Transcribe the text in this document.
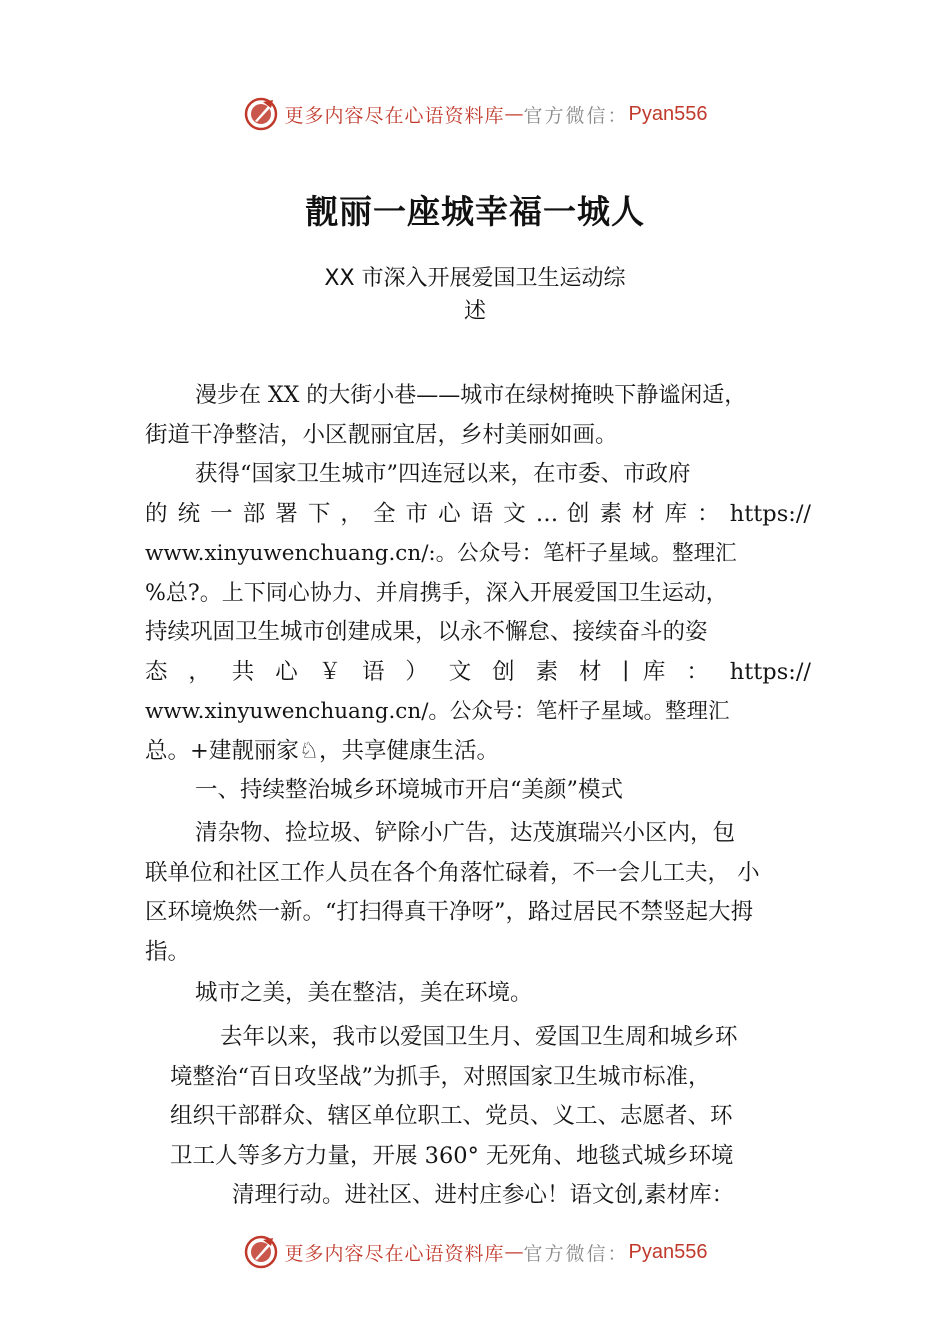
更多内容尽在心语资料库 — 官方微信： Pyan556
靓丽一座城幸福一城人
XX 市深入开展爱国卫生运动综
述
漫步在 XX 的大街小巷——城市在绿树掩映下静谧闲适，
街道干净整洁，小区靓丽宜居，乡村美丽如画。
获得“国家卫生城市”四连冠以来，在市委、市政府
的 统 一 部 署 下 ， 全 市 心 语 文 … 创 素 材 库 ： https://
www.xinyuwenchuang.cn/:。公众号：笔杆子星域。整理汇
%总?。上下同心协力、并肩携手，深入开展爱国卫生运动，
持续巩固卫生城市创建成果，以永不懈怠、接续奋斗的姿
态 ， 共 心 ￥ 语 ） 文 创 素 材 ∣ 库 ： https://
www.xinyuwenchuang.cn/。公众号：笔杆子星域。整理汇
总。+建靓丽家♘，共享健康生活。
一、持续整治城乡环境城市开启“美颜”模式
清杂物、捡垃圾、铲除小广告，达茂旗瑞兴小区内，包
联单位和社区工作人员在各个角落忙碌着，不一会儿工夫， 小
区环境焕然一新。“打扫得真干净呀”，路过居民不禁竖起大拇
指。
城市之美，美在整洁，美在环境。
去年以来，我市以爱国卫生月、爱国卫生周和城乡环
境整治“百日攻坚战”为抓手，对照国家卫生城市标准，
组织干部群众、辖区单位职工、党员、义工、志愿者、环
卫工人等多方力量，开展 360° 无死角、地毯式城乡环境
清理行动。进社区、进村庄参心！语文创,素材库：
更多内容尽在心语资料库 — 官方微信： Pyan556
